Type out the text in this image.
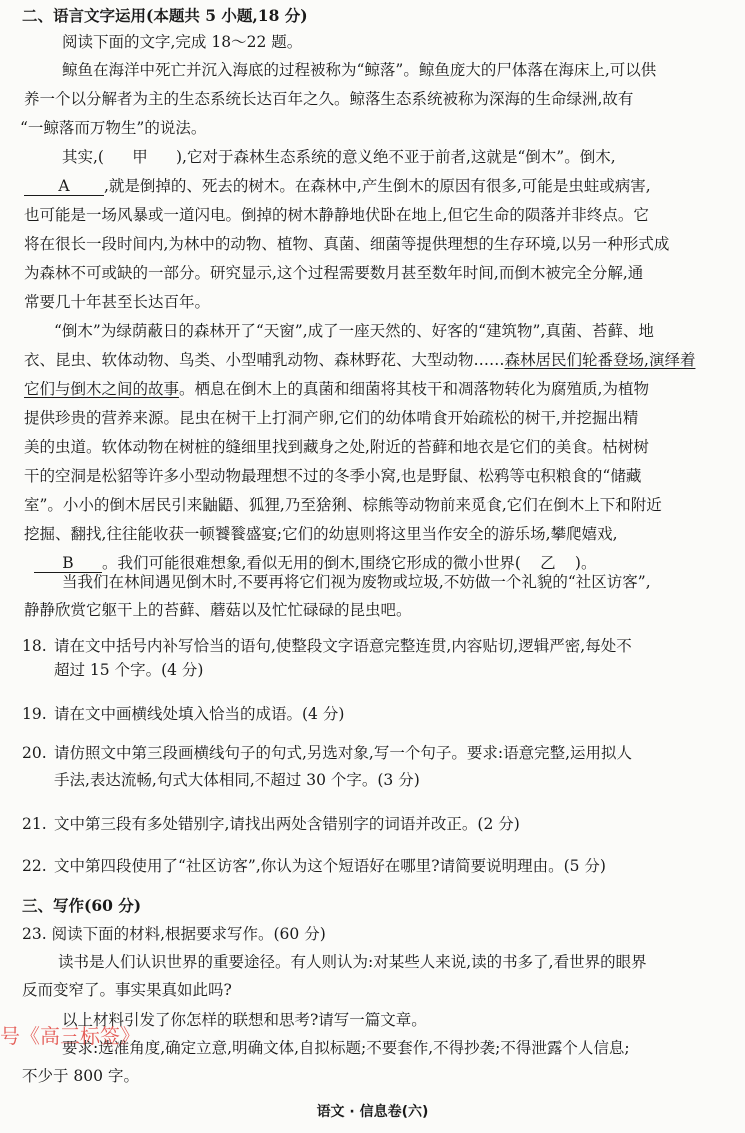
二、语言文字运用(本题共 5 小题,18 分)
阅读下面的文字,完成 18～22 题。
鲸鱼在海洋中死亡并沉入海底的过程被称为“鲸落”。鲸鱼庞大的尸体落在海床上,可以供
养一个以分解者为主的生态系统长达百年之久。鲸落生态系统被称为深海的生命绿洲,故有
“一鲸落而万物生”的说法。
其实,( 甲 ),它对于森林生态系统的意义绝不亚于前者,这就是“倒木”。倒木,
A ,就是倒掉的、死去的树木。在森林中,产生倒木的原因有很多,可能是虫蛀或病害,
也可能是一场风暴或一道闪电。倒掉的树木静静地伏卧在地上,但它生命的陨落并非终点。它
将在很长一段时间内,为林中的动物、植物、真菌、细菌等提供理想的生存环境,以另一种形式成
为森林不可或缺的一部分。研究显示,这个过程需要数月甚至数年时间,而倒木被完全分解,通
常要几十年甚至长达百年。
“倒木”为绿荫蔽日的森林开了“天窗”,成了一座天然的、好客的“建筑物”,真菌、苔藓、地
衣、昆虫、软体动物、鸟类、小型哺乳动物、森林野花、大型动物……森林居民们轮番登场,演绎着
它们与倒木之间的故事。栖息在倒木上的真菌和细菌将其枝干和凋落物转化为腐殖质,为植物
提供珍贵的营养来源。昆虫在树干上打洞产卵,它们的幼体啃食开始疏松的树干,并挖掘出精
美的虫道。软体动物在树桩的缝细里找到藏身之处,附近的苔藓和地衣是它们的美食。枯树树
干的空洞是松貂等许多小型动物最理想不过的冬季小窝,也是野鼠、松鸦等屯积粮食的“储藏
室”。小小的倒木居民引来鼬鼯、狐狸,乃至猞猁、棕熊等动物前来觅食,它们在倒木上下和附近
挖掘、翻找,往往能收获一顿饕餮盛宴;它们的幼崽则将这里当作安全的游乐场,攀爬嬉戏,
B 。我们可能很难想象,看似无用的倒木,围绕它形成的微小世界( 乙 )。
当我们在林间遇见倒木时,不要再将它们视为废物或垃圾,不妨做一个礼貌的“社区访客”,
静静欣赏它躯干上的苔藓、蘑菇以及忙忙碌碌的昆虫吧。
18. 请在文中括号内补写恰当的语句,使整段文字语意完整连贯,内容贴切,逻辑严密,每处不
超过 15 个字。(4 分)
19. 请在文中画横线处填入恰当的成语。(4 分)
20. 请仿照文中第三段画横线句子的句式,另选对象,写一个句子。要求:语意完整,运用拟人
手法,表达流畅,句式大体相同,不超过 30 个字。(3 分)
21. 文中第三段有多处错别字,请找出两处含错别字的词语并改正。(2 分)
22. 文中第四段使用了“社区访客”,你认为这个短语好在哪里?请简要说明理由。(5 分)
三、写作(60 分)
23. 阅读下面的材料,根据要求写作。(60 分)
读书是人们认识世界的重要途径。有人则认为:对某些人来说,读的书多了,看世界的眼界
反而变窄了。事实果真如此吗?
以上材料引发了你怎样的联想和思考?请写一篇文章。
要求:选准角度,确定立意,明确文体,自拟标题;不要套作,不得抄袭;不得泄露个人信息;
不少于 800 字。
号《高三标签》
语文 · 信息卷(六)
